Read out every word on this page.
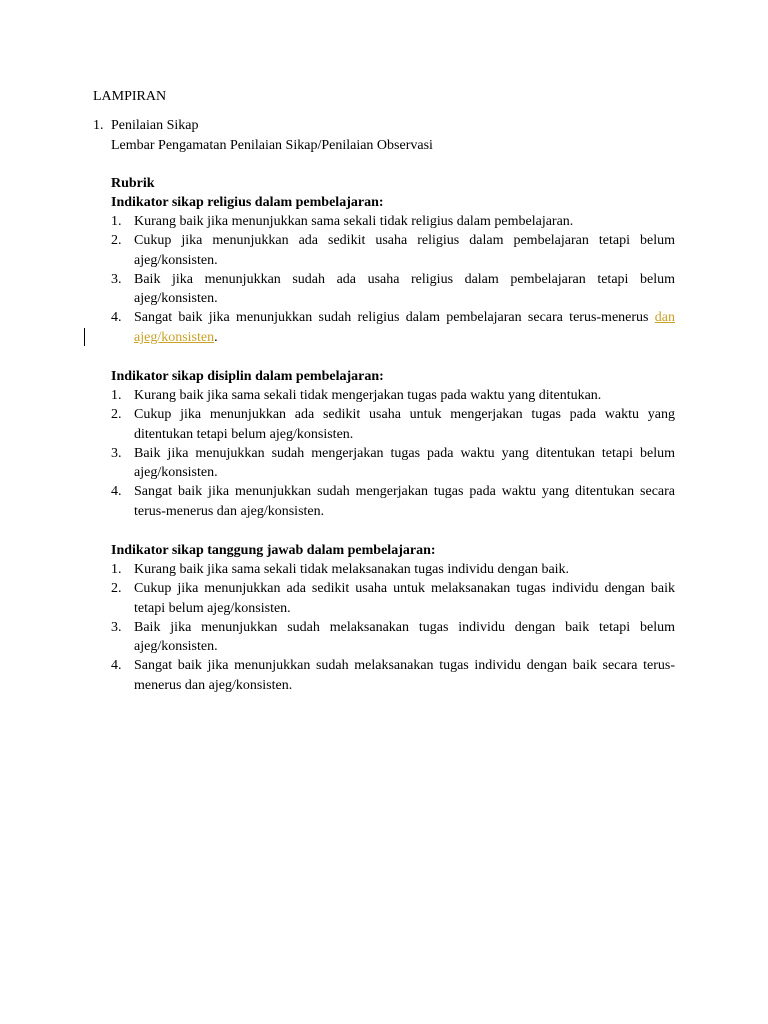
LAMPIRAN
1. Penilaian Sikap
Lembar Pengamatan Penilaian Sikap/Penilaian Observasi
Rubrik
Indikator sikap religius dalam pembelajaran:
1. Kurang baik jika menunjukkan sama sekali tidak religius dalam pembelajaran.
2. Cukup jika menunjukkan ada sedikit usaha religius dalam pembelajaran tetapi belum ajeg/konsisten.
3. Baik jika menunjukkan sudah ada usaha religius dalam pembelajaran tetapi belum ajeg/konsisten.
4. Sangat baik jika menunjukkan sudah religius dalam pembelajaran secara terus-menerus dan ajeg/konsisten.
Indikator sikap disiplin dalam pembelajaran:
1. Kurang baik jika sama sekali tidak mengerjakan tugas pada waktu yang ditentukan.
2. Cukup jika menunjukkan ada sedikit usaha untuk mengerjakan tugas pada waktu yang ditentukan tetapi belum ajeg/konsisten.
3. Baik jika menujukkan sudah mengerjakan tugas pada waktu yang ditentukan tetapi belum ajeg/konsisten.
4. Sangat baik jika menunjukkan sudah mengerjakan tugas pada waktu yang ditentukan secara terus-menerus dan ajeg/konsisten.
Indikator sikap tanggung jawab dalam pembelajaran:
1. Kurang baik jika sama sekali tidak melaksanakan tugas individu dengan baik.
2. Cukup jika menunjukkan ada sedikit usaha untuk melaksanakan tugas individu dengan baik tetapi belum ajeg/konsisten.
3. Baik jika menunjukkan sudah melaksanakan tugas individu dengan baik tetapi belum ajeg/konsisten.
4. Sangat baik jika menunjukkan sudah melaksanakan tugas individu dengan baik secara terus-menerus dan ajeg/konsisten.
